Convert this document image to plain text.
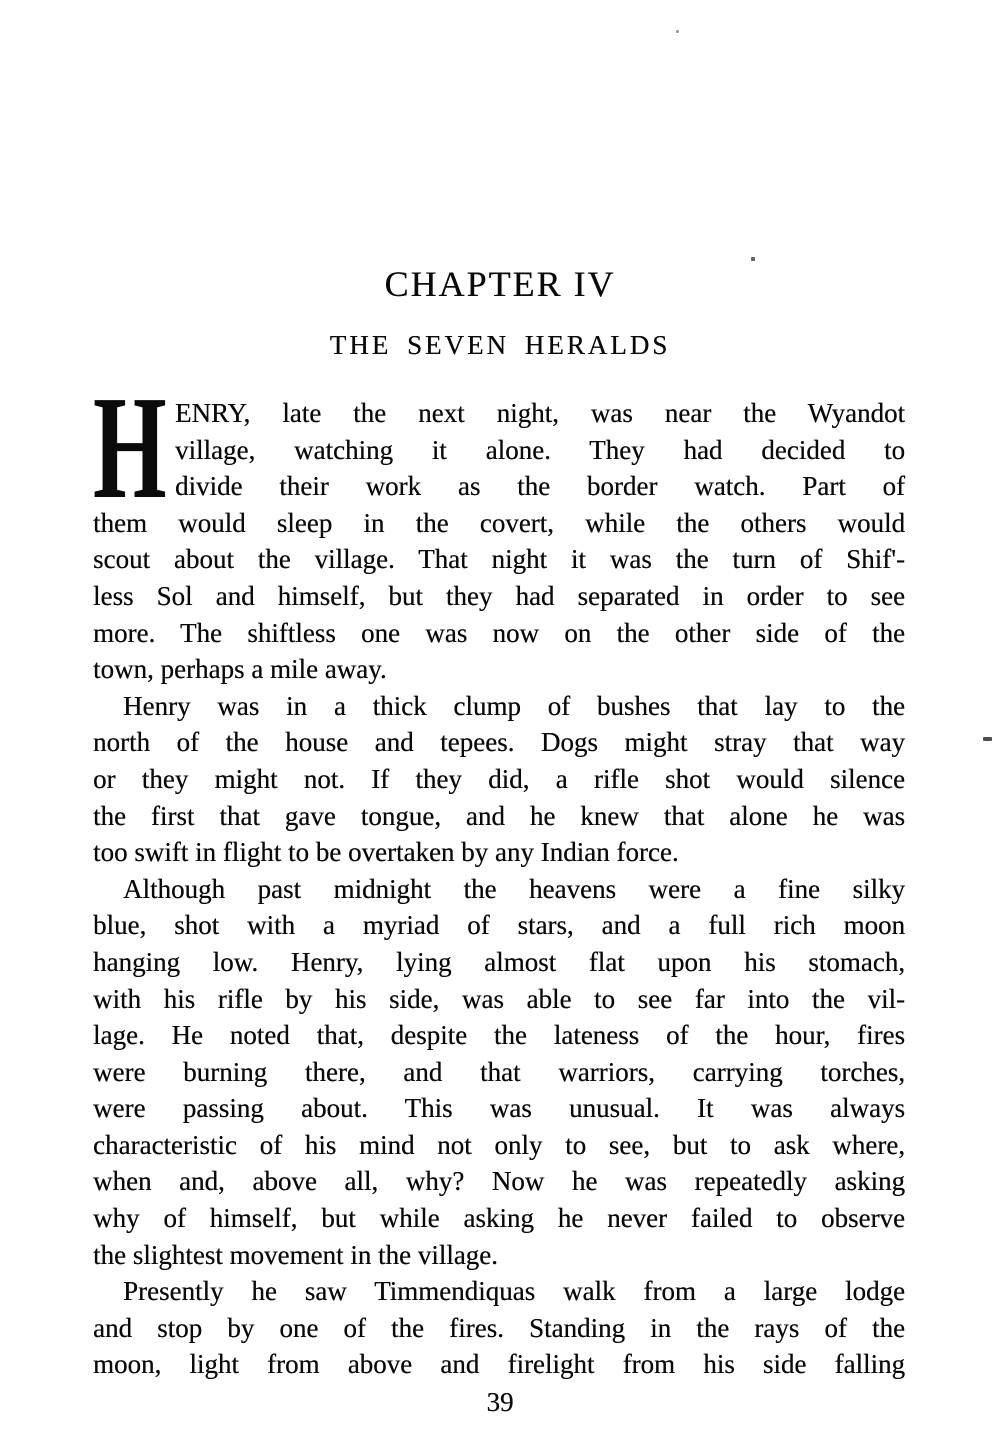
CHAPTER IV
THE SEVEN HERALDS
H ENRY, late the next night, was near the Wyandot
village, watching it alone. They had decided to
divide their work as the border watch. Part of
them would sleep in the covert, while the others would
scout about the village. That night it was the turn of Shif'-
less Sol and himself, but they had separated in order to see
more. The shiftless one was now on the other side of the
town, perhaps a mile away.
Henry was in a thick clump of bushes that lay to the
north of the house and tepees. Dogs might stray that way
or they might not. If they did, a rifle shot would silence
the first that gave tongue, and he knew that alone he was
too swift in flight to be overtaken by any Indian force.
Although past midnight the heavens were a fine silky
blue, shot with a myriad of stars, and a full rich moon
hanging low. Henry, lying almost flat upon his stomach,
with his rifle by his side, was able to see far into the vil-
lage. He noted that, despite the lateness of the hour, fires
were burning there, and that warriors, carrying torches,
were passing about. This was unusual. It was always
characteristic of his mind not only to see, but to ask where,
when and, above all, why? Now he was repeatedly asking
why of himself, but while asking he never failed to observe
the slightest movement in the village.
Presently he saw Timmendiquas walk from a large lodge
and stop by one of the fires. Standing in the rays of the
moon, light from above and firelight from his side falling
39
